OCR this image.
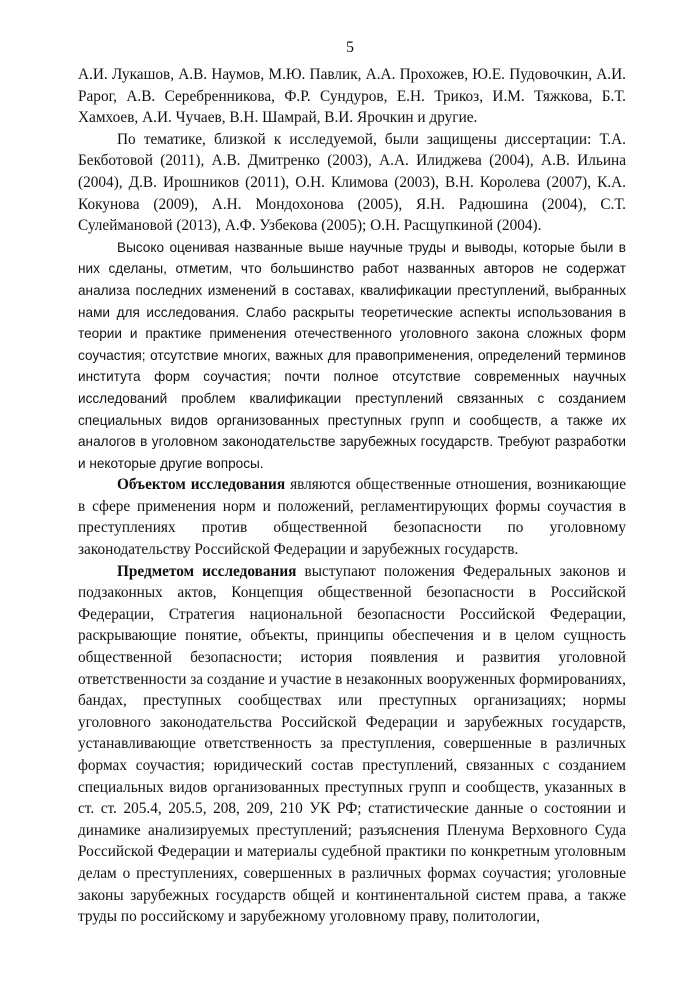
5

А.И. Лукашов, А.В. Наумов, М.Ю. Павлик, А.А. Прохожев, Ю.Е. Пудовочкин, А.И. Рарог, А.В. Серебренникова, Ф.Р. Сундуров, Е.Н. Трикоз, И.М. Тяжкова, Б.Т. Хамхоев, А.И. Чучаев, В.Н. Шамрай, В.И. Ярочкин и другие.

По тематике, близкой к исследуемой, были защищены диссертации: Т.А. Бекботовой (2011), А.В. Дмитренко (2003), А.А. Илиджева (2004), А.В. Ильина (2004), Д.В. Ирошников (2011), О.Н. Климова (2003), В.Н. Королева (2007), К.А. Кокунова (2009), А.Н. Мондохонова (2005), Я.Н. Радюшина (2004), С.Т. Сулеймановой (2013), А.Ф. Узбекова (2005); О.Н. Расщупкиной (2004).

Высоко оценивая названные выше научные труды и выводы, которые были в них сделаны, отметим, что большинство работ названных авторов не содержат анализа последних изменений в составах, квалификации преступлений, выбранных нами для исследования. Слабо раскрыты теоретические аспекты использования в теории и практике применения отечественного уголовного закона сложных форм соучастия; отсутствие многих, важных для правоприменения, определений терминов института форм соучастия; почти полное отсутствие современных научных исследований проблем квалификации преступлений связанных с созданием специальных видов организованных преступных групп и сообществ, а также их аналогов в уголовном законодательстве зарубежных государств. Требуют разработки и некоторые другие вопросы.

Объектом исследования являются общественные отношения, возникающие в сфере применения норм и положений, регламентирующих формы соучастия в преступлениях против общественной безопасности по уголовному законодательству Российской Федерации и зарубежных государств.

Предметом исследования выступают положения Федеральных законов и подзаконных актов, Концепция общественной безопасности в Российской Федерации, Стратегия национальной безопасности Российской Федерации, раскрывающие понятие, объекты, принципы обеспечения и в целом сущность общественной безопасности; история появления и развития уголовной ответственности за создание и участие в незаконных вооруженных формированиях, бандах, преступных сообществах или преступных организациях; нормы уголовного законодательства Российской Федерации и зарубежных государств, устанавливающие ответственность за преступления, совершенные в различных формах соучастия; юридический состав преступлений, связанных с созданием специальных видов организованных преступных групп и сообществ, указанных в ст. ст. 205.4, 205.5, 208, 209, 210 УК РФ; статистические данные о состоянии и динамике анализируемых преступлений; разъяснения Пленума Верховного Суда Российской Федерации и материалы судебной практики по конкретным уголовным делам о преступлениях, совершенных в различных формах соучастия; уголовные законы зарубежных государств общей и континентальной систем права, а также труды по российскому и зарубежному уголовному праву, политологии,
